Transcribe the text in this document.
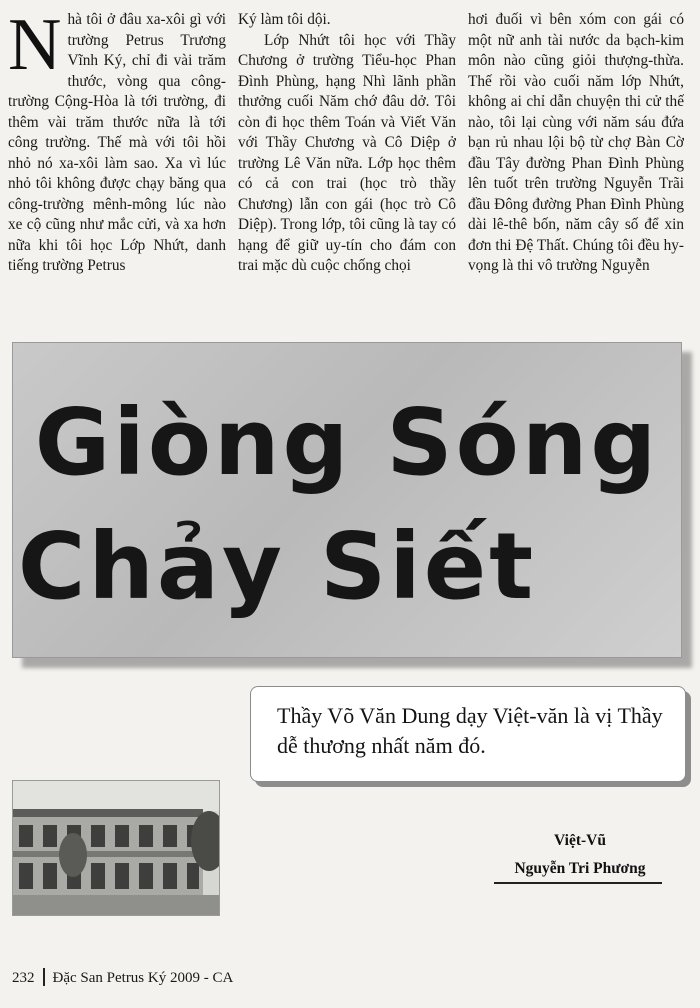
N hà tôi ở đâu xa-xôi gì với trường Petrus Trương Vĩnh Ký, chỉ đi vài trăm thước, vòng qua công-trường Cộng-Hòa là tới trường, đi thêm vài trăm thước nữa là tới công trường. Thế mà với tôi hồi nhỏ nó xa-xôi làm sao. Xa vì lúc nhỏ tôi không được chạy băng qua công-trường mênh-mông lúc nào xe cộ cũng như mắc cửi, và xa hơn nữa khi tôi học Lớp Nhứt, danh tiếng trường Petrus

Ký làm tôi dội.

Lớp Nhứt tôi học với Thầy Chương ở trường Tiểu-học Phan Đình Phùng, hạng Nhì lãnh phần thưởng cuối Năm chớ đâu dở. Tôi còn đi học thêm Toán và Viết Văn với Thầy Chương và Cô Diệp ở trường Lê Văn nữa. Lớp học thêm có cả con trai (học trò thầy Chương) lẫn con gái (học trò Cô Diệp). Trong lớp, tôi cũng là tay có hạng để giữ uy-tín cho đám con trai mặc dù cuộc chống chọi

hơi đuối vì bên xóm con gái có một nữ anh tài nước da bạch-kim môn nào cũng giỏi thượng-thừa. Thế rồi vào cuối năm lớp Nhứt, không ai chỉ dẫn chuyện thi cử thế nào, tôi lại cùng với năm sáu đứa bạn rủ nhau lội bộ từ chợ Bàn Cờ đầu Tây đường Phan Đình Phùng lên tuốt trên trường Nguyễn Trãi đầu Đông đường Phan Đình Phùng dài lê-thê bốn, năm cây số để xin đơn thi Đệ Thất. Chúng tôi đều hy-vọng là thi vô trường Nguyễn

Giòng Sóng
Chảy Siết
Thầy Võ Văn Dung dạy Việt-văn là vị Thầy dễ thương nhất năm đó.
Việt-Vũ
Nguyễn Tri Phương
232 Đặc San Petrus Ký 2009 - CA
